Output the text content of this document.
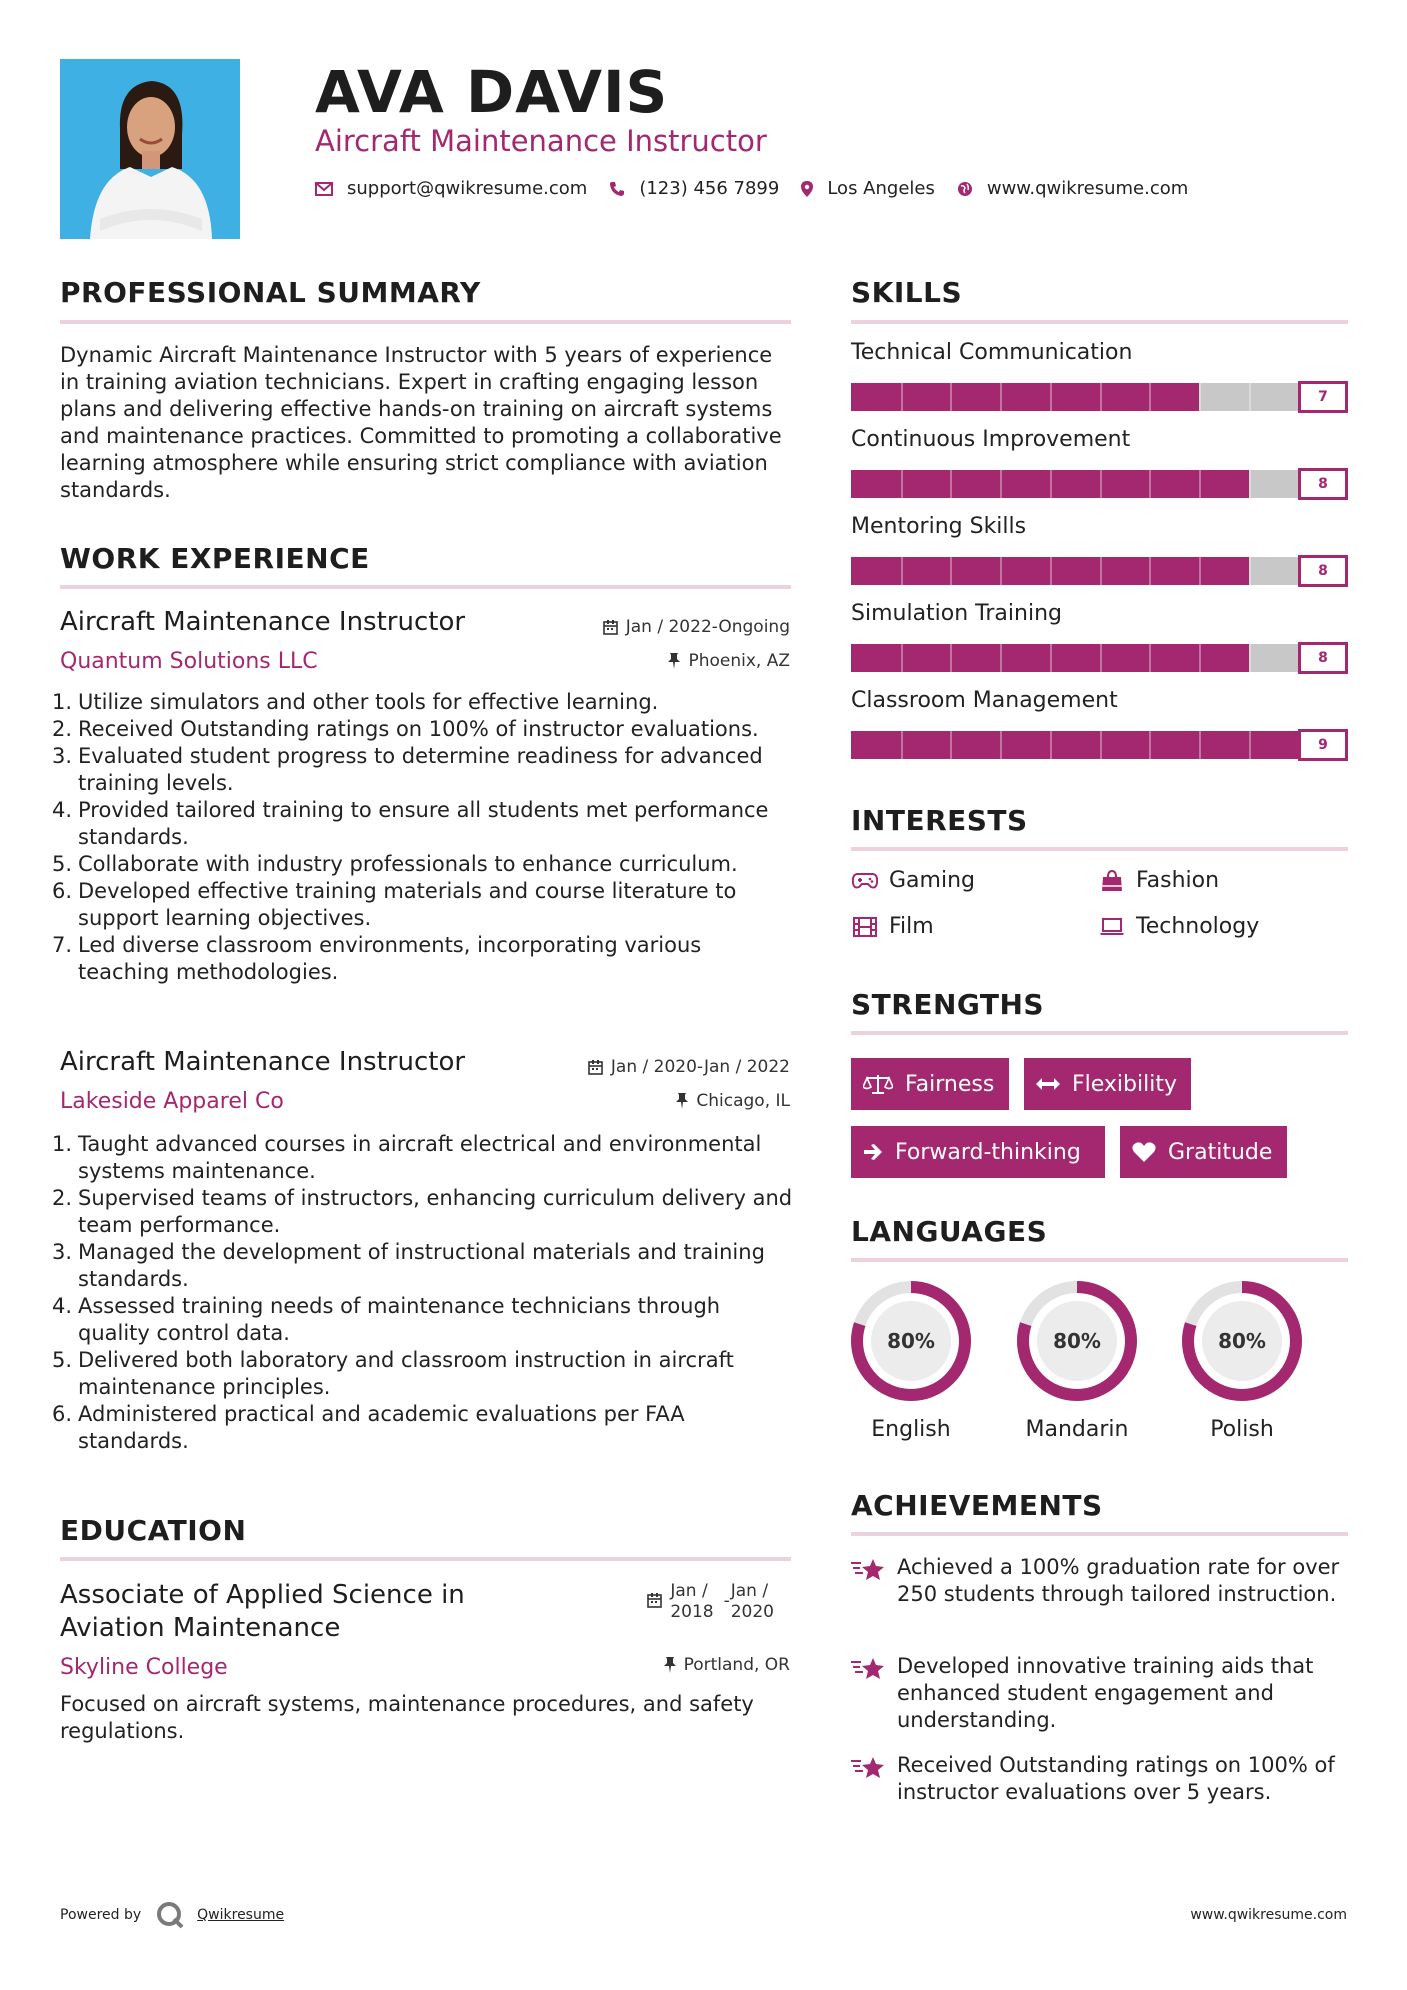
AVA DAVIS
Aircraft Maintenance Instructor
support@qwikresume.com	(123) 456 7899	Los Angeles	www.qwikresume.com
PROFESSIONAL SUMMARY
Dynamic Aircraft Maintenance Instructor with 5 years of experience in training aviation technicians. Expert in crafting engaging lesson plans and delivering effective hands-on training on aircraft systems and maintenance practices. Committed to promoting a collaborative learning atmosphere while ensuring strict compliance with aviation standards.
WORK EXPERIENCE
Aircraft Maintenance Instructor	Jan / 2022-Ongoing
Quantum Solutions LLC	Phoenix, AZ
1. Utilize simulators and other tools for effective learning.
2. Received Outstanding ratings on 100% of instructor evaluations.
3. Evaluated student progress to determine readiness for advanced training levels.
4. Provided tailored training to ensure all students met performance standards.
5. Collaborate with industry professionals to enhance curriculum.
6. Developed effective training materials and course literature to support learning objectives.
7. Led diverse classroom environments, incorporating various teaching methodologies.
Aircraft Maintenance Instructor	Jan / 2020-Jan / 2022
Lakeside Apparel Co	Chicago, IL
1. Taught advanced courses in aircraft electrical and environmental systems maintenance.
2. Supervised teams of instructors, enhancing curriculum delivery and team performance.
3. Managed the development of instructional materials and training standards.
4. Assessed training needs of maintenance technicians through quality control data.
5. Delivered both laboratory and classroom instruction in aircraft maintenance principles.
6. Administered practical and academic evaluations per FAA standards.
EDUCATION
Associate of Applied Science in
Aviation Maintenance
Jan /
2018
- Jan /
2020
Skyline College	Portland, OR
Focused on aircraft systems, maintenance procedures, and safety regulations.
SKILLS
Technical Communication
7
Continuous Improvement
8
Mentoring Skills
8
Simulation Training
8
Classroom Management
9
INTERESTS
Gaming	Fashion
Film	Technology
STRENGTHS
Fairness	Flexibility
Forward-thinking	Gratitude
LANGUAGES
80%
English
80%
Mandarin
80%
Polish
ACHIEVEMENTS
Achieved a 100% graduation rate for over 250 students through tailored instruction.
Developed innovative training aids that enhanced student engagement and understanding.
Received Outstanding ratings on 100% of instructor evaluations over 5 years.
Powered by	Qwikresume	www.qwikresume.com
